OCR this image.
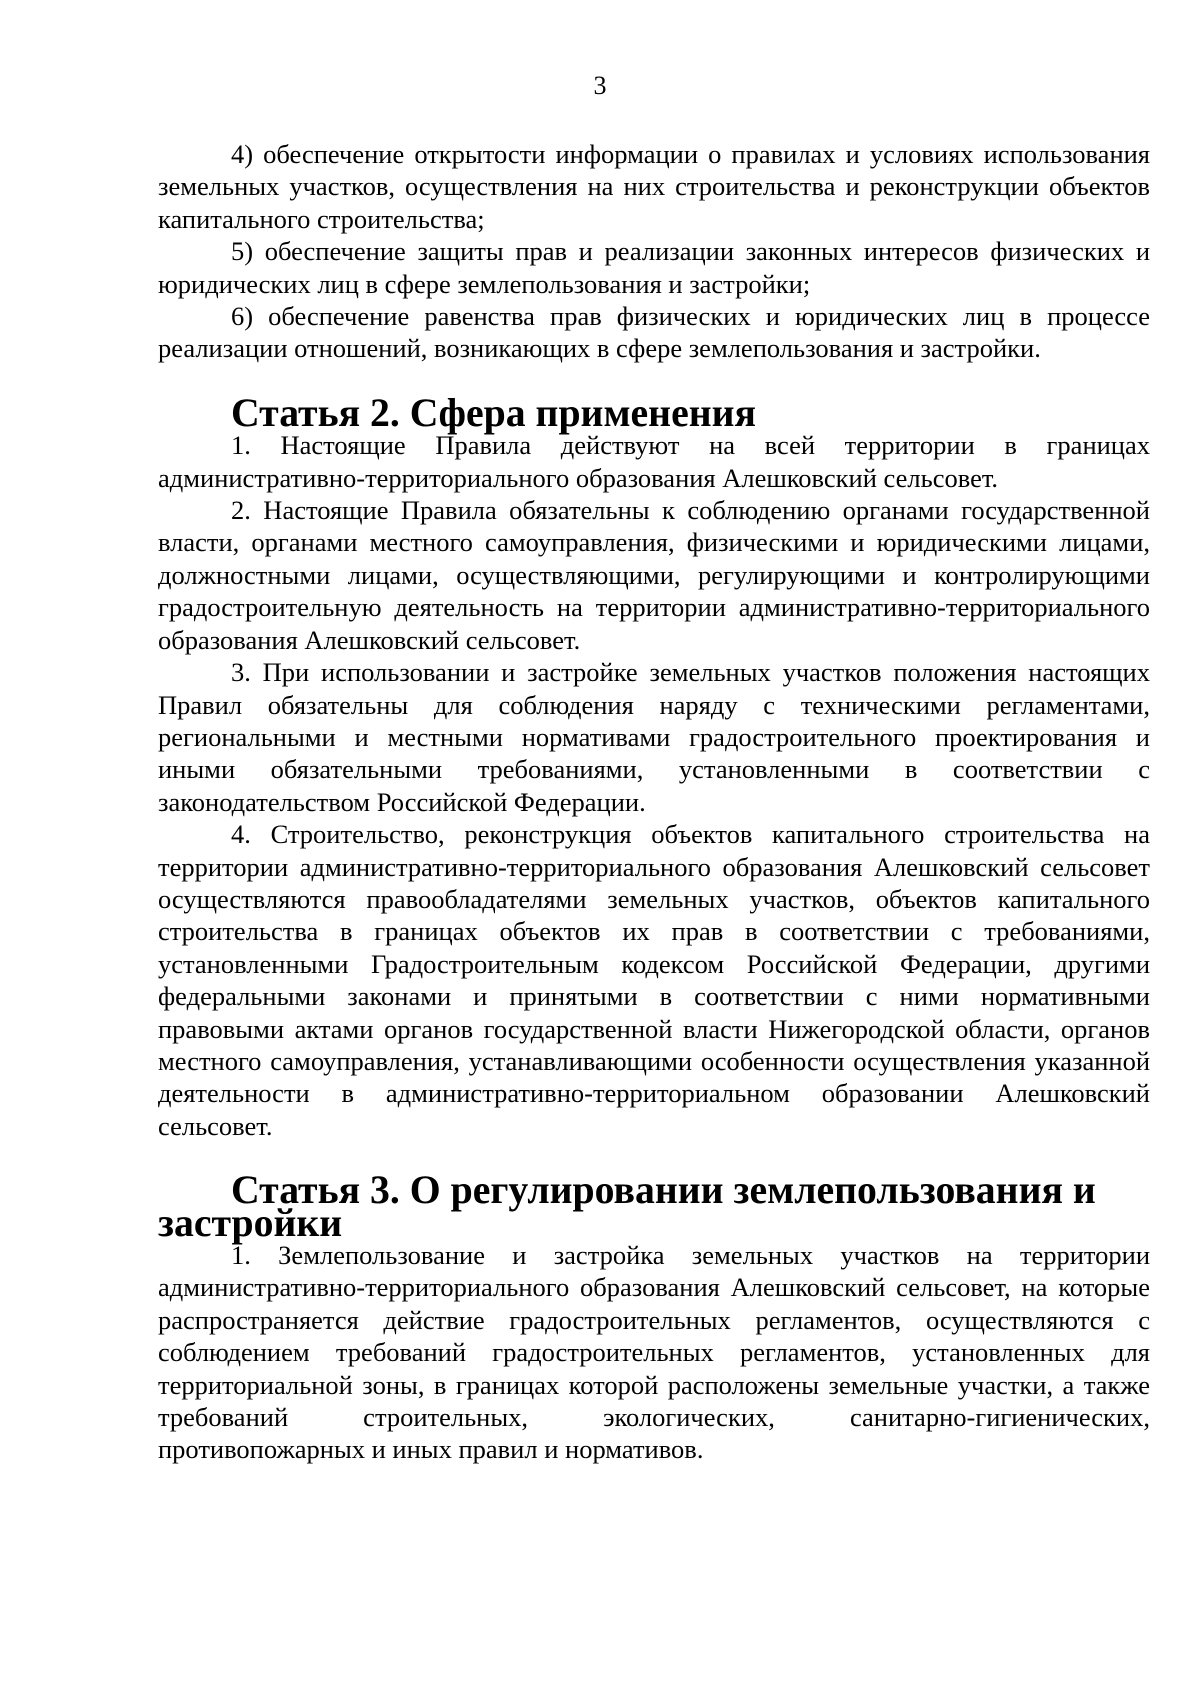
3

4) обеспечение открытости информации о правилах и условиях использования земельных участков, осуществления на них строительства и реконструкции объектов капитального строительства;

5) обеспечение защиты прав и реализации законных интересов физических и юридических лиц в сфере землепользования и застройки;

6) обеспечение равенства прав физических и юридических лиц в процессе реализации отношений, возникающих в сфере землепользования и застройки.

Статья 2. Сфера применения

1. Настоящие Правила действуют на всей территории в границах административно-территориального образования Алешковский сельсовет.

2. Настоящие Правила обязательны к соблюдению органами государственной власти, органами местного самоуправления, физическими и юридическими лицами, должностными лицами, осуществляющими, регулирующими и контролирующими градостроительную деятельность на территории административно-территориального образования Алешковский сельсовет.

3. При использовании и застройке земельных участков положения настоящих Правил обязательны для соблюдения наряду с техническими регламентами, региональными и местными нормативами градостроительного проектирования и иными обязательными требованиями, установленными в соответствии с законодательством Российской Федерации.

4. Строительство, реконструкция объектов капитального строительства на территории административно-территориального образования Алешковский сельсовет осуществляются правообладателями земельных участков, объектов капитального строительства в границах объектов их прав в соответствии с требованиями, установленными Градостроительным кодексом Российской Федерации, другими федеральными законами и принятыми в соответствии с ними нормативными правовыми актами органов государственной власти Нижегородской области, органов местного самоуправления, устанавливающими особенности осуществления указанной деятельности в административно-территориальном образовании Алешковский сельсовет.

Статья 3. О регулировании землепользования и застройки

1. Землепользование и застройка земельных участков на территории административно-территориального образования Алешковский сельсовет, на которые распространяется действие градостроительных регламентов, осуществляются с соблюдением требований градостроительных регламентов, установленных для территориальной зоны, в границах которой расположены земельные участки, а также требований строительных, экологических, санитарно-гигиенических, противопожарных и иных правил и нормативов.
